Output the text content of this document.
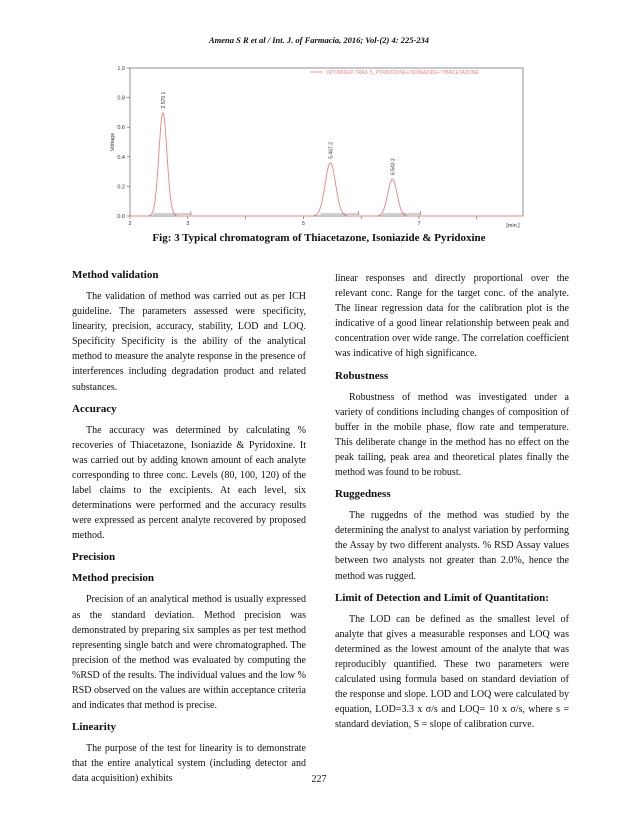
Amena S R et al / Int. J. of Farmacia, 2016; Vol-(2) 4: 225-234
0.0
0.2
0.4
0.6
0.8
1.0
2	3	5	7	[min.]
Voltage
OPTIMIZED TRAIL 5_PYRIDOXINE+ISONIAZIDE+THIACETAZONE
2.570 1
5.467 2
6.540 3
Fig: 3 Typical chromatogram of Thiacetazone, Isoniazide & Pyridoxine
Method validation

The validation of method was carried out as per ICH guideline. The parameters assessed were specificity, linearity, precision, accuracy, stability, LOD and LOQ. Specificity Specificity is the ability of the analytical method to measure the analyte response in the presence of interferences including degradation product and related substances.

Accuracy

The accuracy was determined by calculating % recoveries of Thiacetazone, Isoniazide & Pyridoxine. It was carried out by adding known amount of each analyte corresponding to three conc. Levels (80, 100, 120) of the label claims to the excipients. At each level, six determinations were performed and the accuracy results were expressed as percent analyte recovered by proposed method.

Precision
Method precision

Precision of an analytical method is usually expressed as the standard deviation. Method precision was demonstrated by preparing six samples as per test method representing single batch and were chromatographed. The precision of the method was evaluated by computing the %RSD of the results. The individual values and the low % RSD observed on the values are within acceptance criteria and indicates that method is precise.

Linearity

The purpose of the test for linearity is to demonstrate that the entire analytical system (including detector and data acquisition) exhibits

linear responses and directly proportional over the relevant conc. Range for the target conc. of the analyte. The linear regression data for the calibration plot is the indicative of a good linear relationship between peak and concentration over wide range. The correlation coefficient was indicative of high significance.

Robustness

Robustness of method was investigated under a variety of conditions including changes of composition of buffer in the mobile phase, flow rate and temperature. This deliberate change in the method has no effect on the peak tailing, peak area and theoretical plates finally the method was found to be robust.

Ruggedness

The ruggedns of the method was studied by the determining the analyst to analyst variation by performing the Assay by two different analysts. % RSD Assay values between two analysts not greater than 2.0%, hence the method was rugged.

Limit of Detection and Limit of Quantitation:

The LOD can be defined as the smallest level of analyte that gives a measurable responses and LOQ was determined as the lowest amount of the analyte that was reproducibly quantified. These two parameters were calculated using formula based on standard deviation of the response and slope. LOD and LOQ were calculated by equation, LOD=3.3 x σ/s and LOQ= 10 x σ/s, where s = standard deviation, S = slope of calibration curve.

227
